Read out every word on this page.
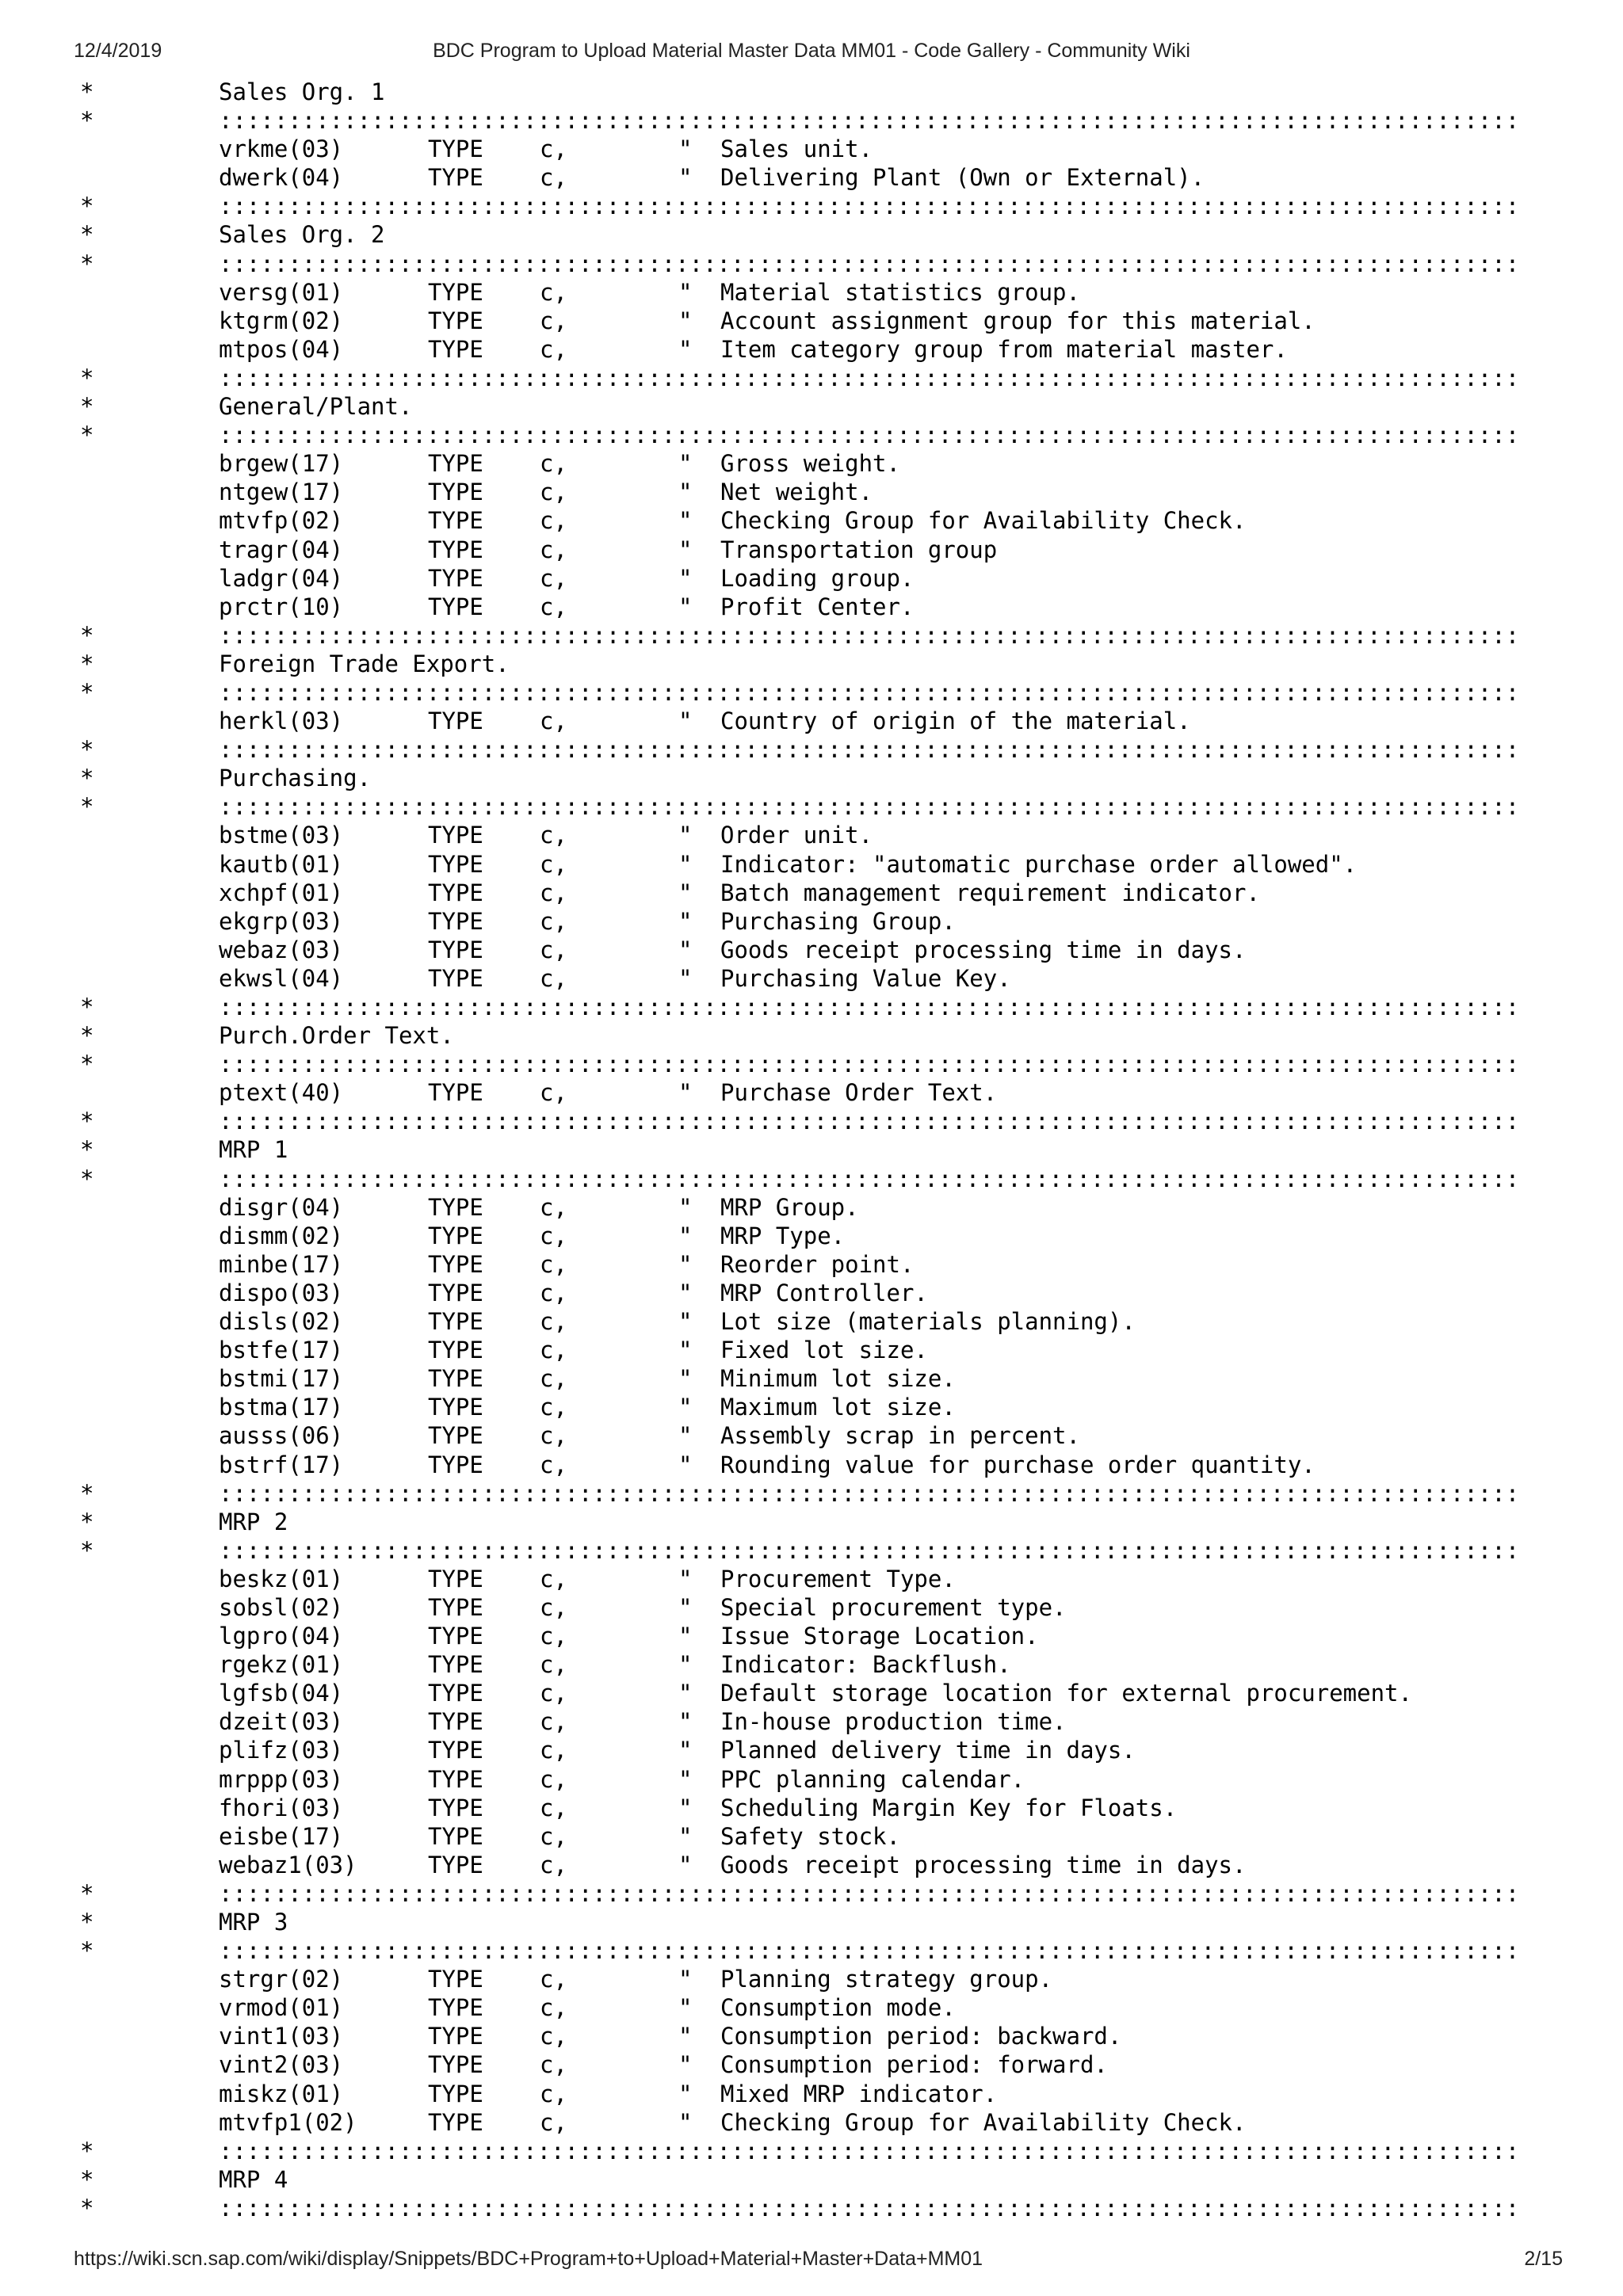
12/4/2019	BDC Program to Upload Material Master Data MM01 - Code Gallery - Community Wiki
*	Sales Org. 1
*	::::::::::::::::::::::::::::::::::::::::::::::::::::::::::::::::::::::::::::::::::::::::::::::
vrkme(03)	TYPE c,	" Sales unit.
dwerk(04)	TYPE c,	" Delivering Plant (Own or External).
*	::::::::::::::::::::::::::::::::::::::::::::::::::::::::::::::::::::::::::::::::::::::::::::::
*	Sales Org. 2
*	::::::::::::::::::::::::::::::::::::::::::::::::::::::::::::::::::::::::::::::::::::::::::::::
versg(01)	TYPE c,	" Material statistics group.
ktgrm(02)	TYPE c,	" Account assignment group for this material.
mtpos(04)	TYPE c,	" Item category group from material master.
*	::::::::::::::::::::::::::::::::::::::::::::::::::::::::::::::::::::::::::::::::::::::::::::::
*	General/Plant.
*	::::::::::::::::::::::::::::::::::::::::::::::::::::::::::::::::::::::::::::::::::::::::::::::
brgew(17)	TYPE c,	" Gross weight.
ntgew(17)	TYPE c,	" Net weight.
mtvfp(02)	TYPE c,	" Checking Group for Availability Check.
tragr(04)	TYPE c,	" Transportation group
ladgr(04)	TYPE c,	" Loading group.
prctr(10)	TYPE c,	" Profit Center.
*	::::::::::::::::::::::::::::::::::::::::::::::::::::::::::::::::::::::::::::::::::::::::::::::
*	Foreign Trade Export.
*	::::::::::::::::::::::::::::::::::::::::::::::::::::::::::::::::::::::::::::::::::::::::::::::
herkl(03)	TYPE c,	" Country of origin of the material.
*	::::::::::::::::::::::::::::::::::::::::::::::::::::::::::::::::::::::::::::::::::::::::::::::
*	Purchasing.
*	::::::::::::::::::::::::::::::::::::::::::::::::::::::::::::::::::::::::::::::::::::::::::::::
bstme(03)	TYPE c,	" Order unit.
kautb(01)	TYPE c,	" Indicator: "automatic purchase order allowed".
xchpf(01)	TYPE c,	" Batch management requirement indicator.
ekgrp(03)	TYPE c,	" Purchasing Group.
webaz(03)	TYPE c,	" Goods receipt processing time in days.
ekwsl(04)	TYPE c,	" Purchasing Value Key.
*	::::::::::::::::::::::::::::::::::::::::::::::::::::::::::::::::::::::::::::::::::::::::::::::
*	Purch.Order Text.
*	::::::::::::::::::::::::::::::::::::::::::::::::::::::::::::::::::::::::::::::::::::::::::::::
ptext(40)	TYPE c,	" Purchase Order Text.
*	::::::::::::::::::::::::::::::::::::::::::::::::::::::::::::::::::::::::::::::::::::::::::::::
*	MRP 1
*	::::::::::::::::::::::::::::::::::::::::::::::::::::::::::::::::::::::::::::::::::::::::::::::
disgr(04)	TYPE c,	" MRP Group.
dismm(02)	TYPE c,	" MRP Type.
minbe(17)	TYPE c,	" Reorder point.
dispo(03)	TYPE c,	" MRP Controller.
disls(02)	TYPE c,	" Lot size (materials planning).
bstfe(17)	TYPE c,	" Fixed lot size.
bstmi(17)	TYPE c,	" Minimum lot size.
bstma(17)	TYPE c,	" Maximum lot size.
ausss(06)	TYPE c,	" Assembly scrap in percent.
bstrf(17)	TYPE c,	" Rounding value for purchase order quantity.
*	::::::::::::::::::::::::::::::::::::::::::::::::::::::::::::::::::::::::::::::::::::::::::::::
*	MRP 2
*	::::::::::::::::::::::::::::::::::::::::::::::::::::::::::::::::::::::::::::::::::::::::::::::
beskz(01)	TYPE c,	" Procurement Type.
sobsl(02)	TYPE c,	" Special procurement type.
lgpro(04)	TYPE c,	" Issue Storage Location.
rgekz(01)	TYPE c,	" Indicator: Backflush.
lgfsb(04)	TYPE c,	" Default storage location for external procurement.
dzeit(03)	TYPE c,	" In-house production time.
plifz(03)	TYPE c,	" Planned delivery time in days.
mrppp(03)	TYPE c,	" PPC planning calendar.
fhori(03)	TYPE c,	" Scheduling Margin Key for Floats.
eisbe(17)	TYPE c,	" Safety stock.
webaz1(03)	TYPE c,	" Goods receipt processing time in days.
*	::::::::::::::::::::::::::::::::::::::::::::::::::::::::::::::::::::::::::::::::::::::::::::::
*	MRP 3
*	::::::::::::::::::::::::::::::::::::::::::::::::::::::::::::::::::::::::::::::::::::::::::::::
strgr(02)	TYPE c,	" Planning strategy group.
vrmod(01)	TYPE c,	" Consumption mode.
vint1(03)	TYPE c,	" Consumption period: backward.
vint2(03)	TYPE c,	" Consumption period: forward.
miskz(01)	TYPE c,	" Mixed MRP indicator.
mtvfp1(02)	TYPE c,	" Checking Group for Availability Check.
*	::::::::::::::::::::::::::::::::::::::::::::::::::::::::::::::::::::::::::::::::::::::::::::::
*	MRP 4
*	::::::::::::::::::::::::::::::::::::::::::::::::::::::::::::::::::::::::::::::::::::::::::::::
https://wiki.scn.sap.com/wiki/display/Snippets/BDC+Program+to+Upload+Material+Master+Data+MM01	2/15
